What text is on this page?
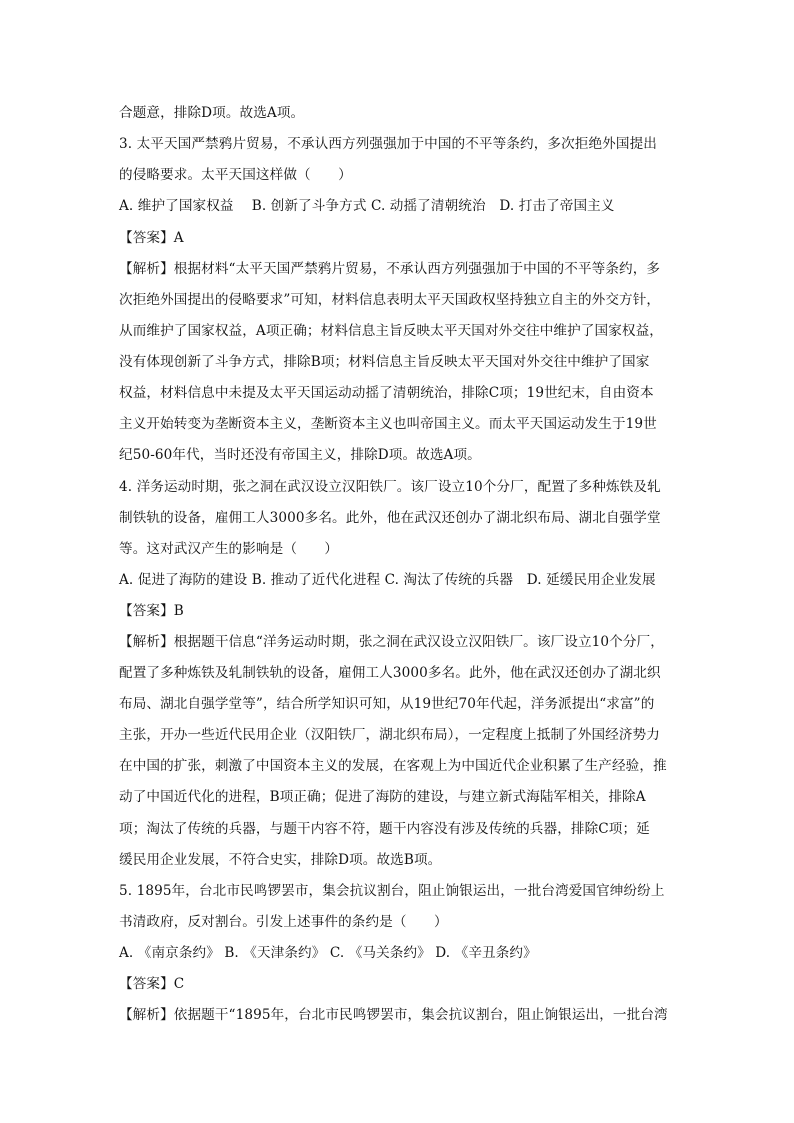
合题意，排除D项。故选A项。
3. 太平天国严禁鸦片贸易，不承认西方列强强加于中国的不平等条约，多次拒绝外国提出
的侵略要求。太平天国这样做（　　）
A. 维护了国家权益　 B. 创新了斗争方式 C. 动摇了清朝统治　D. 打击了帝国主义
【答案】A
【解析】根据材料“太平天国严禁鸦片贸易，不承认西方列强强加于中国的不平等条约，多
次拒绝外国提出的侵略要求”可知，材料信息表明太平天国政权坚持独立自主的外交方针，
从而维护了国家权益，A项正确；材料信息主旨反映太平天国对外交往中维护了国家权益，
没有体现创新了斗争方式，排除B项；材料信息主旨反映太平天国对外交往中维护了国家
权益，材料信息中未提及太平天国运动动摇了清朝统治，排除C项；19世纪末，自由资本
主义开始转变为垄断资本主义，垄断资本主义也叫帝国主义。而太平天国运动发生于19世
纪50-60年代，当时还没有帝国主义，排除D项。故选A项。
4. 洋务运动时期，张之洞在武汉设立汉阳铁厂。该厂设立10个分厂，配置了多种炼铁及轧
制铁轨的设备，雇佣工人3000多名。此外，他在武汉还创办了湖北织布局、湖北自强学堂
等。这对武汉产生的影响是（　　）
A. 促进了海防的建设 B. 推动了近代化进程 C. 淘汰了传统的兵器　D. 延缓民用企业发展
【答案】B
【解析】根据题干信息“洋务运动时期，张之洞在武汉设立汉阳铁厂。该厂设立10个分厂，
配置了多种炼铁及轧制铁轨的设备，雇佣工人3000多名。此外，他在武汉还创办了湖北织
布局、湖北自强学堂等”，结合所学知识可知，从19世纪70年代起，洋务派提出“求富”的
主张，开办一些近代民用企业（汉阳铁厂，湖北织布局），一定程度上抵制了外国经济势力
在中国的扩张，刺激了中国资本主义的发展，在客观上为中国近代企业积累了生产经验，推
动了中国近代化的进程，B项正确；促进了海防的建设，与建立新式海陆军相关，排除A
项；淘汰了传统的兵器，与题干内容不符，题干内容没有涉及传统的兵器，排除C项；延
缓民用企业发展，不符合史实，排除D项。故选B项。
5. 1895年，台北市民鸣锣罢市，集会抗议割台，阻止饷银运出，一批台湾爱国官绅纷纷上
书清政府，反对割台。引发上述事件的条约是（　　）
A. 《南京条约》 B. 《天津条约》 C. 《马关条约》 D. 《辛丑条约》
【答案】C
【解析】依据题干“1895年，台北市民鸣锣罢市，集会抗议割台，阻止饷银运出，一批台湾
